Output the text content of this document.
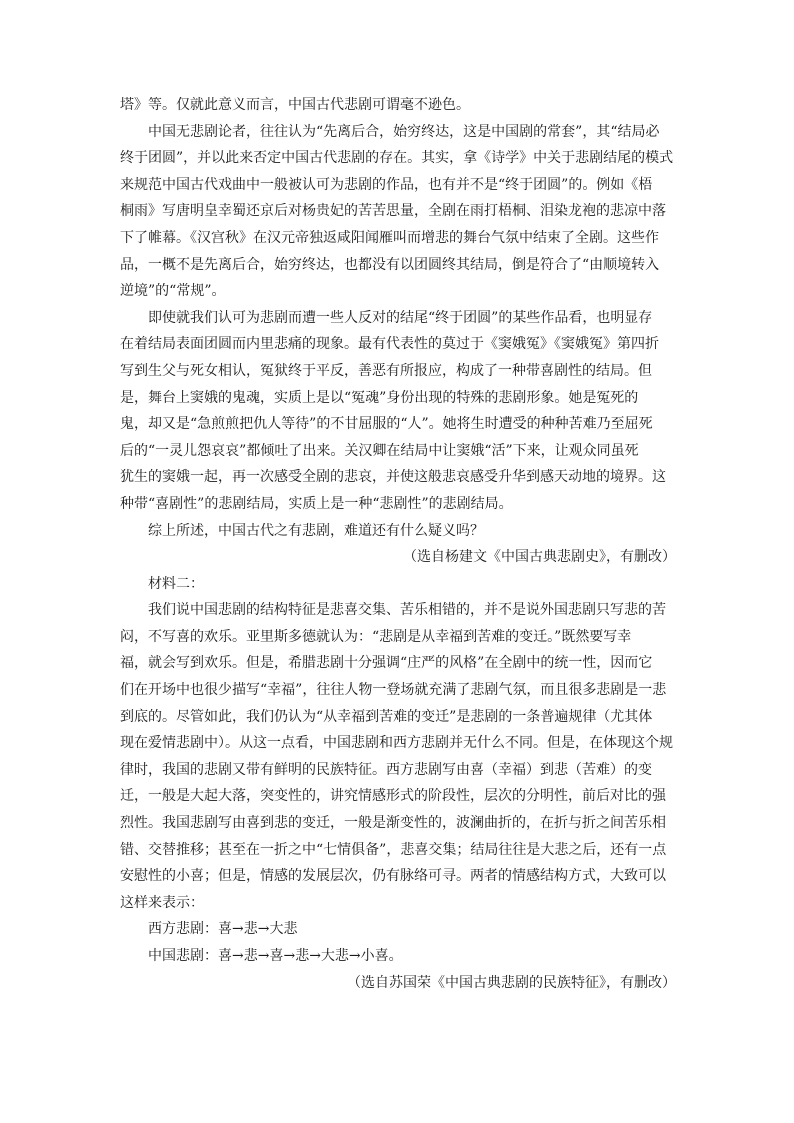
塔》等。仅就此意义而言，中国古代悲剧可谓毫不逊色。

中国无悲剧论者，往往认为“先离后合，始穷终达，这是中国剧的常套”，其“结局必
终于团圆”，并以此来否定中国古代悲剧的存在。其实，拿《诗学》中关于悲剧结尾的模式
来规范中国古代戏曲中一般被认可为悲剧的作品，也有并不是“终于团圆”的。例如《梧
桐雨》写唐明皇幸蜀还京后对杨贵妃的苦苦思量，全剧在雨打梧桐、泪染龙袍的悲凉中落
下了帷幕。《汉宫秋》在汉元帝独返咸阳闻雁叫而增悲的舞台气氛中结束了全剧。这些作
品，一概不是先离后合，始穷终达，也都没有以团圆终其结局，倒是符合了“由顺境转入
逆境”的“常规”。

即使就我们认可为悲剧而遭一些人反对的结尾“终于团圆”的某些作品看，也明显存
在着结局表面团圆而内里悲痛的现象。最有代表性的莫过于《窦娥冤》《窦娥冤》第四折
写到生父与死女相认，冤狱终于平反，善恶有所报应，构成了一种带喜剧性的结局。但
是，舞台上窦娥的鬼魂，实质上是以“冤魂”身份出现的特殊的悲剧形象。她是冤死的
鬼，却又是“急煎煎把仇人等待”的不甘屈服的“人”。她将生时遭受的种种苦难乃至屈死
后的“一灵儿怨哀哀”都倾吐了出来。关汉卿在结局中让窦娥“活”下来，让观众同虽死
犹生的窦娥一起，再一次感受全剧的悲哀，并使这般悲哀感受升华到感天动地的境界。这
种带“喜剧性”的悲剧结局，实质上是一种“悲剧性”的悲剧结局。

综上所述，中国古代之有悲剧，难道还有什么疑义吗？

（选自杨建文《中国古典悲剧史》，有删改）

材料二：

我们说中国悲剧的结构特征是悲喜交集、苦乐相错的，并不是说外国悲剧只写悲的苦
闷，不写喜的欢乐。亚里斯多德就认为：“悲剧是从幸福到苦难的变迁。”既然要写幸
福，就会写到欢乐。但是，希腊悲剧十分强调“庄严的风格”在全剧中的统一性，因而它
们在开场中也很少描写“幸福”，往往人物一登场就充满了悲剧气氛，而且很多悲剧是一悲
到底的。尽管如此，我们仍认为“从幸福到苦难的变迁”是悲剧的一条普遍规律（尤其体
现在爱情悲剧中）。从这一点看，中国悲剧和西方悲剧并无什么不同。但是，在体现这个规
律时，我国的悲剧又带有鲜明的民族特征。西方悲剧写由喜（幸福）到悲（苦难）的变
迁，一般是大起大落，突变性的，讲究情感形式的阶段性，层次的分明性，前后对比的强
烈性。我国悲剧写由喜到悲的变迁，一般是渐变性的，波澜曲折的，在折与折之间苦乐相
错、交替推移；甚至在一折之中“七情俱备”，悲喜交集；结局往往是大悲之后，还有一点
安慰性的小喜；但是，情感的发展层次，仍有脉络可寻。两者的情感结构方式，大致可以
这样来表示：

西方悲剧：喜→悲→大悲
中国悲剧：喜→悲→喜→悲→大悲→小喜。
（选自苏国荣《中国古典悲剧的民族特征》，有删改）
